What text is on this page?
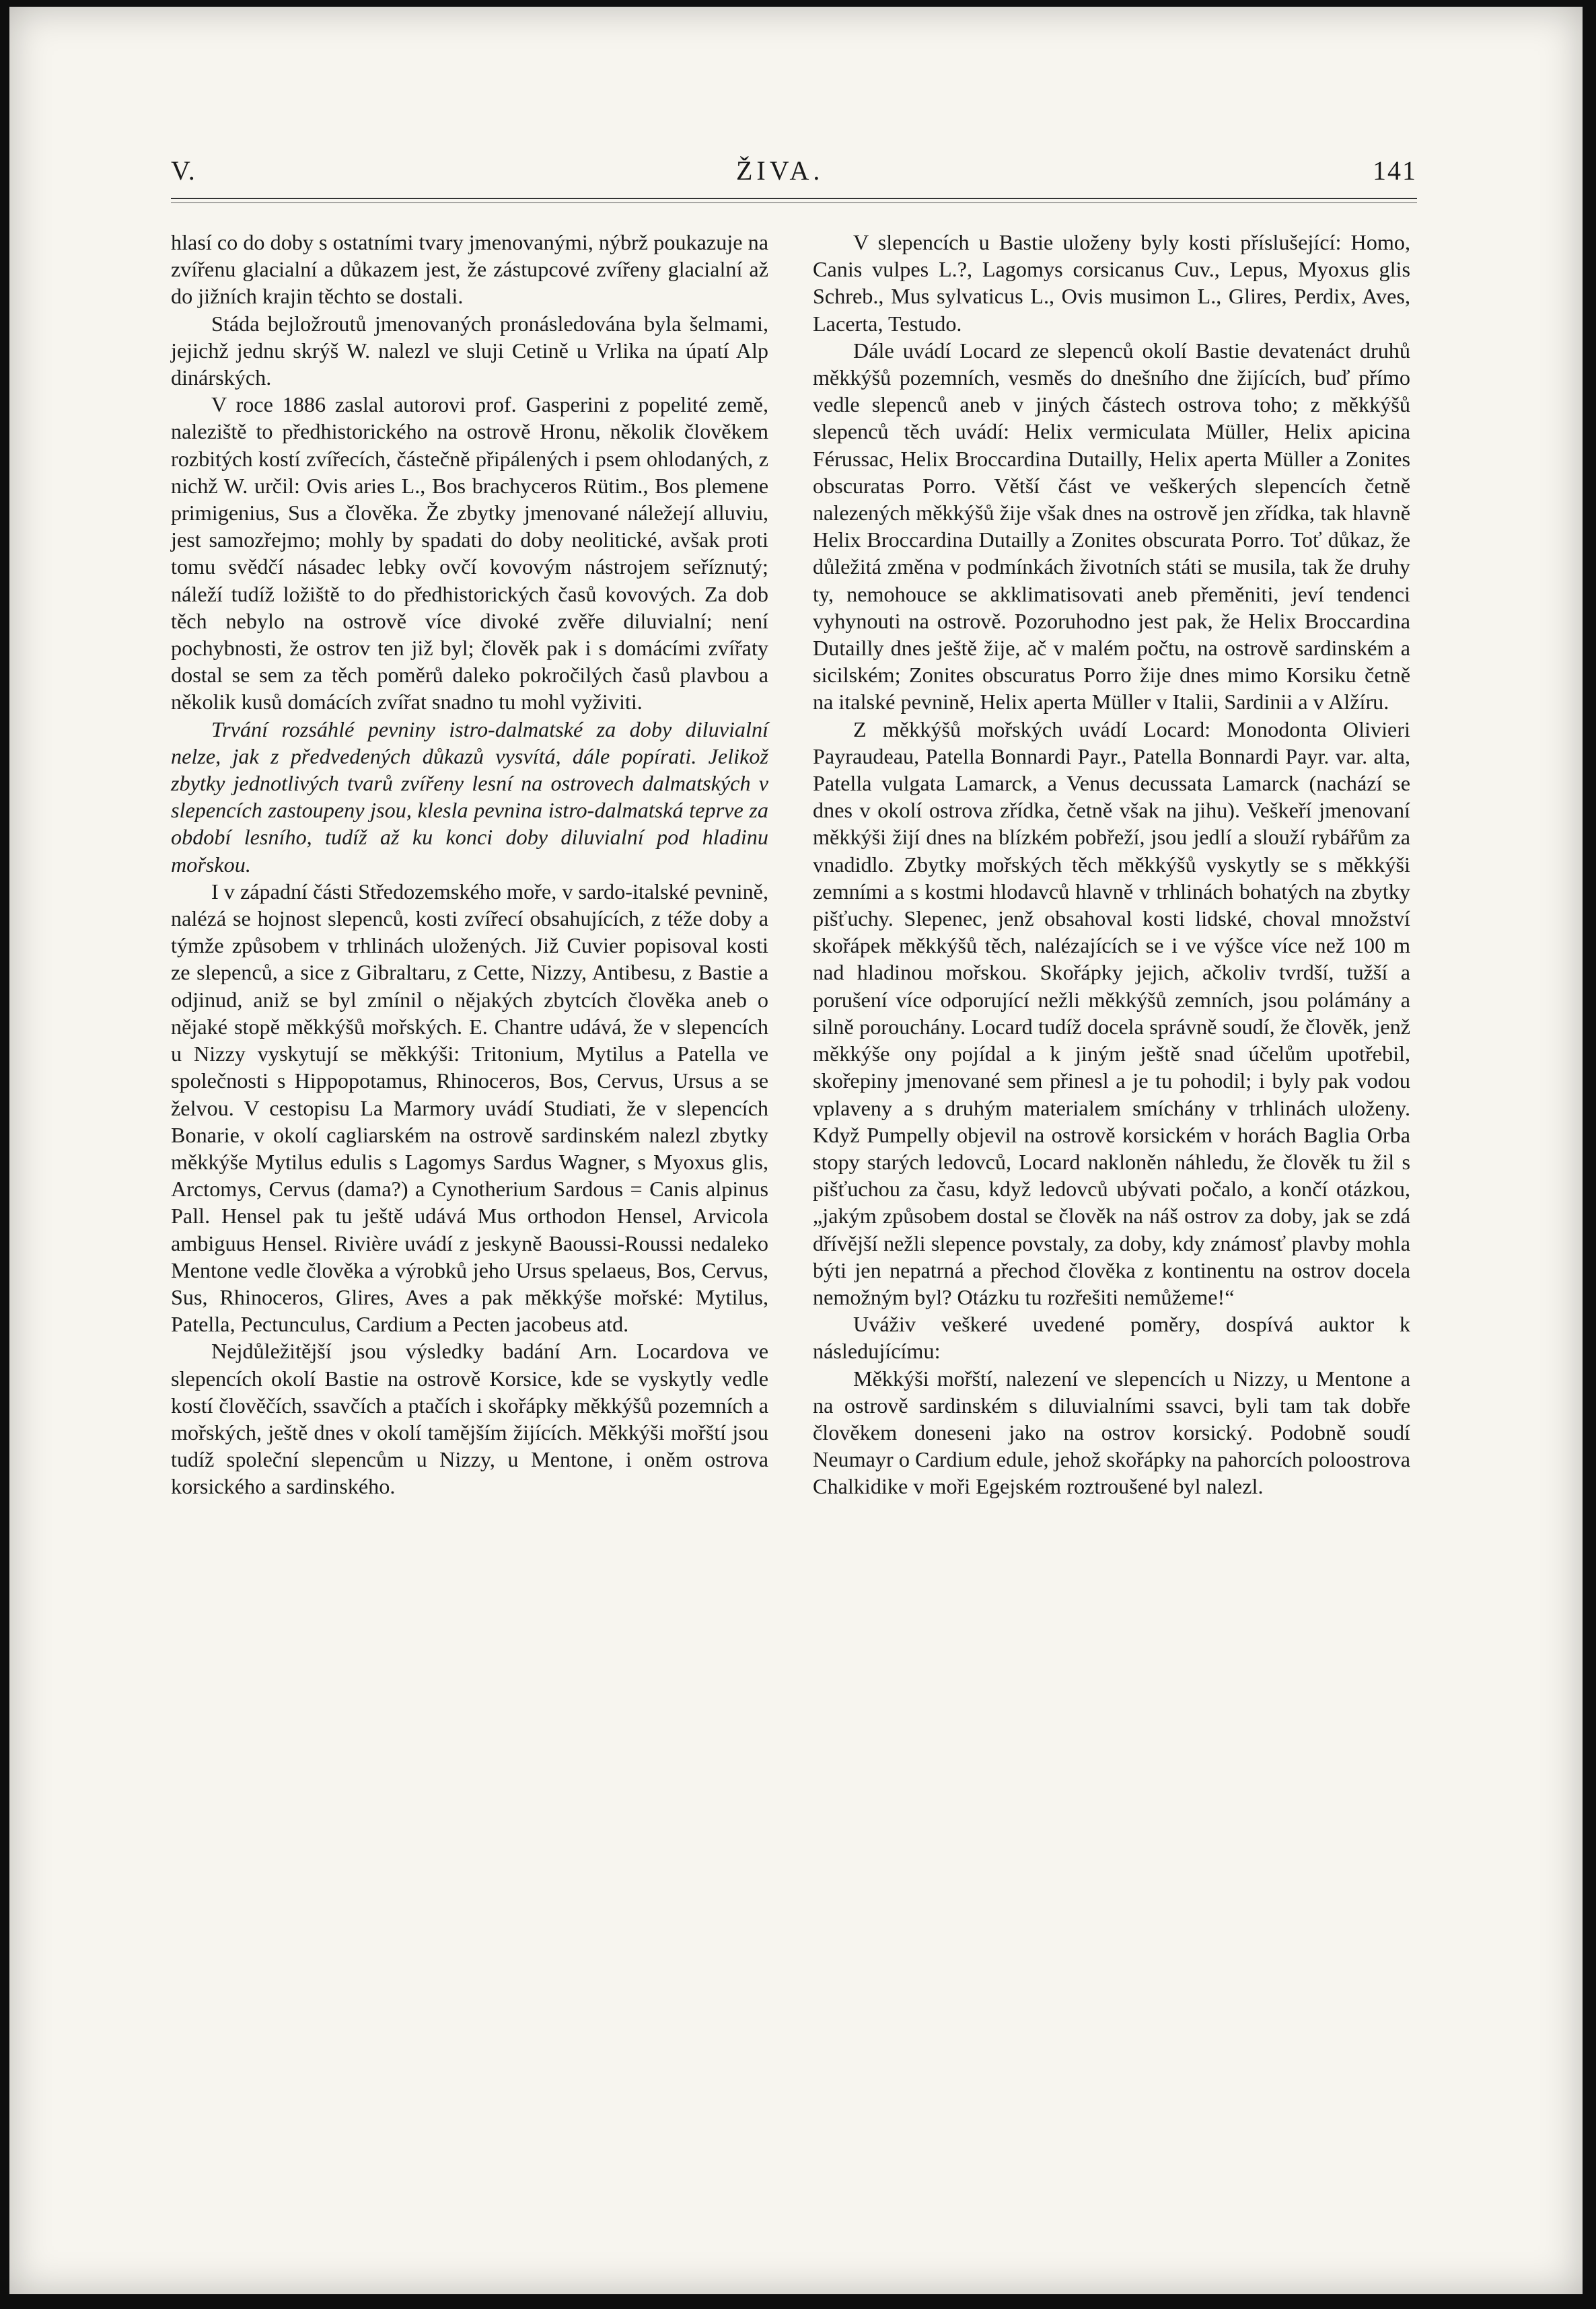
V.	ŽIVA.	141

hlasí co do doby s ostatními tvary jmenovanými, nýbrž poukazuje na zvířenu glacialní a důkazem jest, že zástupcové zvířeny glacialní až do jižních krajin těchto se dostali.

Stáda bejložroutů jmenovaných pronásledována byla šelmami, jejichž jednu skrýš W. nalezl ve sluji Cetině u Vrlika na úpatí Alp dinárských.

V roce 1886 zaslal autorovi prof. Gasperini z popelité země, naleziště to předhistorického na ostrově Hronu, několik člověkem rozbitých kostí zvířecích, částečně připálených i psem ohlodaných, z nichž W. určil: Ovis aries L., Bos brachyceros Rütim., Bos plemene primigenius, Sus a člověka. Že zbytky jmenované náležejí alluviu, jest samozřejmo; mohly by spadati do doby neolitické, avšak proti tomu svědčí násadec lebky ovčí kovovým nástrojem seříznutý; náleží tudíž ložiště to do předhistorických časů kovových. Za dob těch nebylo na ostrově více divoké zvěře diluvialní; není pochybnosti, že ostrov ten již byl; člověk pak i s domácími zvířaty dostal se sem za těch poměrů daleko pokročilých časů plavbou a několik kusů domácích zvířat snadno tu mohl vyživiti.

Trvání rozsáhlé pevniny istro-dalmatské za doby diluvialní nelze, jak z předvedených důkazů vysvítá, dále popírati. Jelikož zbytky jednotlivých tvarů zvířeny lesní na ostrovech dalmatských v slepencích zastoupeny jsou, klesla pevnina istro-dalmatská teprve za období lesního, tudíž až ku konci doby diluvialní pod hladinu mořskou.

I v západní části Středozemského moře, v sardo-italské pevnině, nalézá se hojnost slepenců, kosti zvířecí obsahujících, z téže doby a týmže způsobem v trhlinách uložených. Již Cuvier popisoval kosti ze slepenců, a sice z Gibraltaru, z Cette, Nizzy, Antibesu, z Bastie a odjinud, aniž se byl zmínil o nějakých zbytcích člověka aneb o nějaké stopě měkkýšů mořských. E. Chantre udává, že v slepencích u Nizzy vyskytují se měkkýši: Tritonium, Mytilus a Patella ve společnosti s Hippopotamus, Rhinoceros, Bos, Cervus, Ursus a se želvou. V cestopisu La Marmory uvádí Studiati, že v slepencích Bonarie, v okolí cagliarském na ostrově sardinském nalezl zbytky měkkýše Mytilus edulis s Lagomys Sardus Wagner, s Myoxus glis, Arctomys, Cervus (dama?) a Cynotherium Sardous = Canis alpinus Pall. Hensel pak tu ještě udává Mus orthodon Hensel, Arvicola ambiguus Hensel. Rivière uvádí z jeskyně Baoussi-Roussi nedaleko Mentone vedle člověka a výrobků jeho Ursus spelaeus, Bos, Cervus, Sus, Rhinoceros, Glires, Aves a pak měkkýše mořské: Mytilus, Patella, Pectunculus, Cardium a Pecten jacobeus atd.

Nejdůležitější jsou výsledky badání Arn. Locardova ve slepencích okolí Bastie na ostrově Korsice, kde se vyskytly vedle kostí člověčích, ssavčích a ptačích i skořápky měkkýšů pozemních a mořských, ještě dnes v okolí tamějším žijících. Měkkýši mořští jsou tudíž společní slepencům u Nizzy, u Mentone, i oněm ostrova korsického a sardinského.

V slepencích u Bastie uloženy byly kosti příslušející: Homo, Canis vulpes L.?, Lagomys corsicanus Cuv., Lepus, Myoxus glis Schreb., Mus sylvaticus L., Ovis musimon L., Glires, Perdix, Aves, Lacerta, Testudo.

Dále uvádí Locard ze slepenců okolí Bastie devatenáct druhů měkkýšů pozemních, vesměs do dnešního dne žijících, buď přímo vedle slepenců aneb v jiných částech ostrova toho; z měkkýšů slepenců těch uvádí: Helix vermiculata Müller, Helix apicina Férussac, Helix Broccardina Dutailly, Helix aperta Müller a Zonites obscuratas Porro. Větší část ve veškerých slepencích četně nalezených měkkýšů žije však dnes na ostrově jen zřídka, tak hlavně Helix Broccardina Dutailly a Zonites obscurata Porro. Toť důkaz, že důležitá změna v podmínkách životních státi se musila, tak že druhy ty, nemohouce se akklimatisovati aneb přeměniti, jeví tendenci vyhynouti na ostrově. Pozoruhodno jest pak, že Helix Broccardina Dutailly dnes ještě žije, ač v malém počtu, na ostrově sardinském a sicilském; Zonites obscuratus Porro žije dnes mimo Korsiku četně na italské pevnině, Helix aperta Müller v Italii, Sardinii a v Alžíru.

Z měkkýšů mořských uvádí Locard: Monodonta Olivieri Payraudeau, Patella Bonnardi Payr., Patella Bonnardi Payr. var. alta, Patella vulgata Lamarck, a Venus decussata Lamarck (nachází se dnes v okolí ostrova zřídka, četně však na jihu). Veškeří jmenovaní měkkýši žijí dnes na blízkém pobřeží, jsou jedlí a slouží rybářům za vnadidlo. Zbytky mořských těch měkkýšů vyskytly se s měkkýši zemními a s kostmi hlodavců hlavně v trhlinách bohatých na zbytky pišťuchy. Slepenec, jenž obsahoval kosti lidské, choval množství skořápek měkkýšů těch, nalézajících se i ve výšce více než 100 m nad hladinou mořskou. Skořápky jejich, ačkoliv tvrdší, tužší a porušení více odporující nežli měkkýšů zemních, jsou polámány a silně porouchány. Locard tudíž docela správně soudí, že člověk, jenž měkkýše ony pojídal a k jiným ještě snad účelům upotřebil, skořepiny jmenované sem přinesl a je tu pohodil; i byly pak vodou vplaveny a s druhým materialem smíchány v trhlinách uloženy. Když Pumpelly objevil na ostrově korsickém v horách Baglia Orba stopy starých ledovců, Locard nakloněn náhledu, že člověk tu žil s pišťuchou za času, když ledovců ubývati počalo, a končí otázkou, „jakým způsobem dostal se člověk na náš ostrov za doby, jak se zdá dřívější nežli slepence povstaly, za doby, kdy známosť plavby mohla býti jen nepatrná a přechod člověka z kontinentu na ostrov docela nemožným byl? Otázku tu rozřešiti nemůžeme!“

Uváživ veškeré uvedené poměry, dospívá auktor k následujícímu:

Měkkýši mořští, nalezení ve slepencích u Nizzy, u Mentone a na ostrově sardinském s diluvialními ssavci, byli tam tak dobře člověkem doneseni jako na ostrov korsický. Podobně soudí Neumayr o Cardium edule, jehož skořápky na pahorcích poloostrova Chalkidike v moři Egejském roztroušené byl nalezl.
